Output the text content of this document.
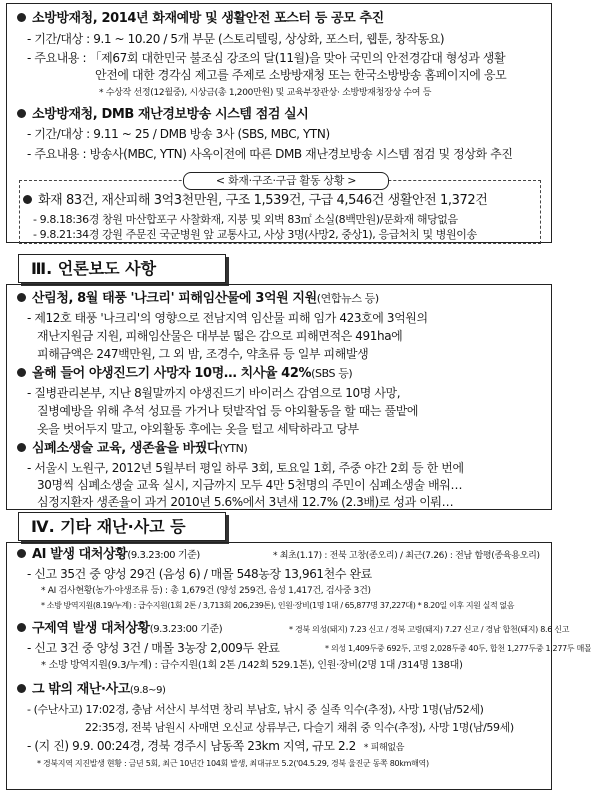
소방방재청, 2014년 화재예방 및 생활안전 포스터 등 공모 추진
- 기간/대상 : 9.1 ~ 10.20 / 5개 부문 (스토리텔링, 상상화, 포스터, 웹툰, 창작동요)
- 주요내용 : 「제67회 대한민국 불조심 강조의 달(11월)을 맞아 국민의 안전경감대 형성과 생활
안전에 대한 경각심 제고를 주제로 소방방재청 또는 한국소방방송 홈페이지에 응모
* 수상작 선정(12월중), 시상금(총 1,200만원) 및 교육부장관상· 소방방재청장상 수여 등
소방방재청, DMB 재난경보방송 시스템 점검 실시
- 기간/대상 : 9.11 ~ 25 / DMB 방송 3사 (SBS, MBC, YTN)
- 주요내용 : 방송사(MBC, YTN) 사옥이전에 따른 DMB 재난경보방송 시스템 점검 및 정상화 추진
< 화재·구조·구급 활동 상황 >
화재 83건, 재산피해 3억3천만원, 구조 1,539건, 구급 4,546건 생활안전 1,372건
- 9.8.18:36경 창원 마산합포구 사찰화재, 지붕 및 외벽 83㎡ 소실(8백만원)/문화재 해당없음
- 9.8.21:34경 강원 주문진 국군병원 앞 교통사고, 사상 3명(사망2, 중상1), 응급처치 및 병원이송
Ⅲ. 언론보도 사항
산림청, 8월 태풍 '나크리' 피해임산물에 3억원 지원(연합뉴스 등)
- 제12호 태풍 '나크리'의 영향으로 전남지역 임산물 피해 임가 423호에 3억원의
재난지원금 지원, 피해임산물은 대부분 떫은 감으로 피해면적은 491ha에
피해금액은 247백만원, 그 외 밤, 조경수, 약초류 등 일부 피해발생
올해 들어 야생진드기 사망자 10명… 치사율 42%(SBS 등)
- 질병관리본부, 지난 8월말까지 야생진드기 바이러스 감염으로 10명 사망,
질병예방을 위해 추석 성묘를 가거나 텃밭작업 등 야외활동을 할 때는 풀밭에
옷을 벗어두지 말고, 야외활동 후에는 옷을 털고 세탁하라고 당부
심폐소생술 교육, 생존율을 바꿨다(YTN)
- 서울시 노원구, 2012년 5월부터 평일 하루 3회, 토요일 1회, 주중 야간 2회 등 한 번에
30명씩 심폐소생술 교육 실시, 지금까지 모두 4만 5천명의 주민이 심폐소생술 배워…
심정지환자 생존율이 과거 2010년 5.6%에서 3년새 12.7% (2.3배)로 성과 이뤄…
Ⅳ. 기타 재난·사고 등
AI 발생 대처상황(9.3.23:00 기준)	* 최초(1.17) : 전북 고창(종오리) / 최근(7.26) : 전남 함평(종육용오리)
- 신고 35건 중 양성 29건 (음성 6) / 매몰 548농장 13,961천수 완료
* AI 검사현황(농가·야생조류 등) : 총 1,679건 (양성 259건, 음성 1,417건, 검사중 3건)
* 소방 방역지원(8.19/누계) : 급수지원(1회 2톤 / 3,713회 206,239톤), 인원·장비(1명 1대 / 65,877명 37,227대) * 8.20일 이후 지원 실적 없음
구제역 발생 대처상황(9.3.23:00 기준)	* 경북 의성(돼지) 7.23 신고 / 경북 고령(돼지) 7.27 신고 / 경남 합천(돼지) 8.6 신고
- 신고 3건 중 양성 3건 / 매몰 3농장 2,009두 완료	* 의성 1,409두중 692두, 고령 2,028두중 40두, 합천 1,277두중 1,277두 매몰
* 소방 방역지원(9.3/누계) : 급수지원(1회 2톤 /142회 529.1톤), 인원·장비(2명 1대 /314명 138대)
그 밖의 재난·사고(9.8~9)
- (수난사고) 17:02경, 충남 서산시 부석면 창리 부남호, 낚시 중 실족 익수(추정), 사망 1명(남/52세)
22:35경, 전북 남원시 사매면 오신교 상류부근, 다슬기 채취 중 익수(추정), 사망 1명(남/59세)
- (지 진) 9.9. 00:24경, 경북 경주시 남동쪽 23km 지역, 규모 2.2 * 피해없음
* 경북지역 지진발생 현황 : 금년 5회, 최근 10년간 104회 발생, 최대규모 5.2('04.5.29, 경북 울진군 동쪽 80km해역)
